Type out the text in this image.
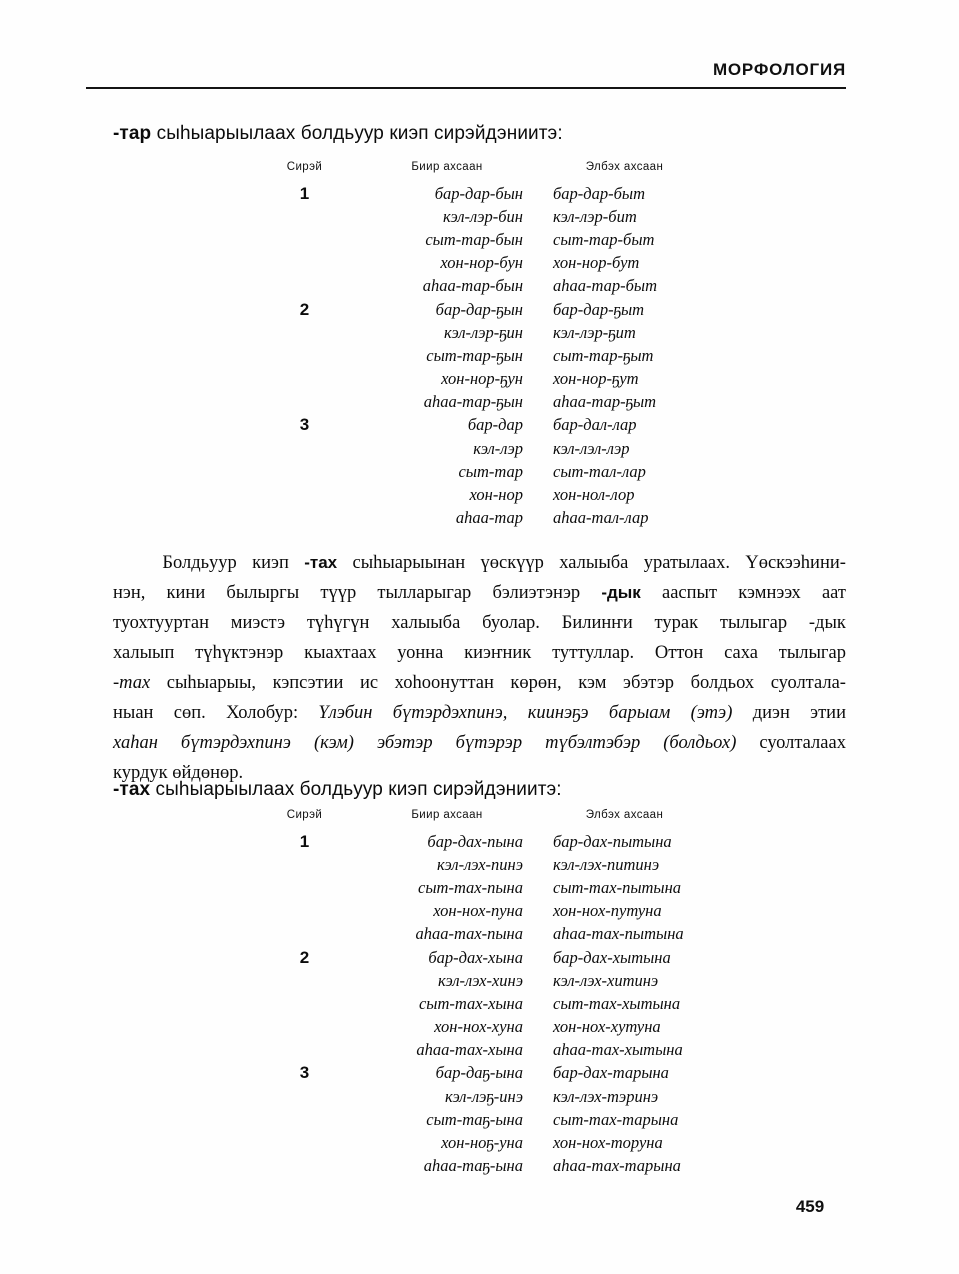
МОРФОЛОГИЯ
-тар сыһыарыылаах болдьуур киэп сирэйдэниитэ:
Сирэй	Биир ахсаан	Элбэх ахсаан
1	бар-дар-бын	бар-дар-быт
	кэл-лэр-бин	кэл-лэр-бит
	сыт-тар-бын	сыт-тар-быт
	хон-нор-бун	хон-нор-бут
	аһаа-тар-бын	аһаа-тар-быт
2	бар-дар-ҕын	бар-дар-ҕыт
	кэл-лэр-ҕин	кэл-лэр-ҕит
	сыт-тар-ҕын	сыт-тар-ҕыт
	хон-нор-ҕун	хон-нор-ҕут
	аһаа-тар-ҕын	аһаа-тар-ҕыт
3	бар-дар	бар-дал-лар
	кэл-лэр	кэл-лэл-лэр
	сыт-тар	сыт-тал-лар
	хон-нор	хон-нол-лор
	аһаа-тар	аһаа-тал-лар
Болдьуур киэп -тах сыһыарыынан үөскүүр халыыба уратылаах. Үөскээһини-
нэн, кини былыргы түүр тылларыгар бэлиэтэнэр -дык ааспыт кэмнээх аат
туохтууртан миэстэ түһүгүн халыыба буолар. Билинҥи турак тылыгар -дык
халыып түһүктэнэр кыахтаах уонна киэҥник туттуллар. Оттон саха тылыгар
-тах сыһыарыы, кэпсэтии ис хоһоонуттан көрөн, кэм эбэтэр болдьох суолтала-
ныан сөп. Холобур: Үлэбин бүтэрдэхпинэ, киинэҕэ барыам (этэ) диэн этии
хаһан бүтэрдэхпинэ (кэм) эбэтэр бүтэрэр түбэлтэбэр (болдьох) суолталаах
курдук өйдөнөр.
-тах сыһыарыылаах болдьуур киэп сирэйдэниитэ:
Сирэй	Биир ахсаан	Элбэх ахсаан
1	бар-дах-пына	бар-дах-пытына
	кэл-лэх-пинэ	кэл-лэх-питинэ
	сыт-тах-пына	сыт-тах-пытына
	хон-нох-пуна	хон-нох-путуна
	аһаа-тах-пына	аһаа-тах-пытына
2	бар-дах-хына	бар-дах-хытына
	кэл-лэх-хинэ	кэл-лэх-хитинэ
	сыт-тах-хына	сыт-тах-хытына
	хон-нох-хуна	хон-нох-хутуна
	аһаа-тах-хына	аһаа-тах-хытына
3	бар-даҕ-ына	бар-дах-тарына
	кэл-лэҕ-инэ	кэл-лэх-тэринэ
	сыт-таҕ-ына	сыт-тах-тарына
	хон-ноҕ-уна	хон-нох-торуна
	аһаа-таҕ-ына	аһаа-тах-тарына
459
